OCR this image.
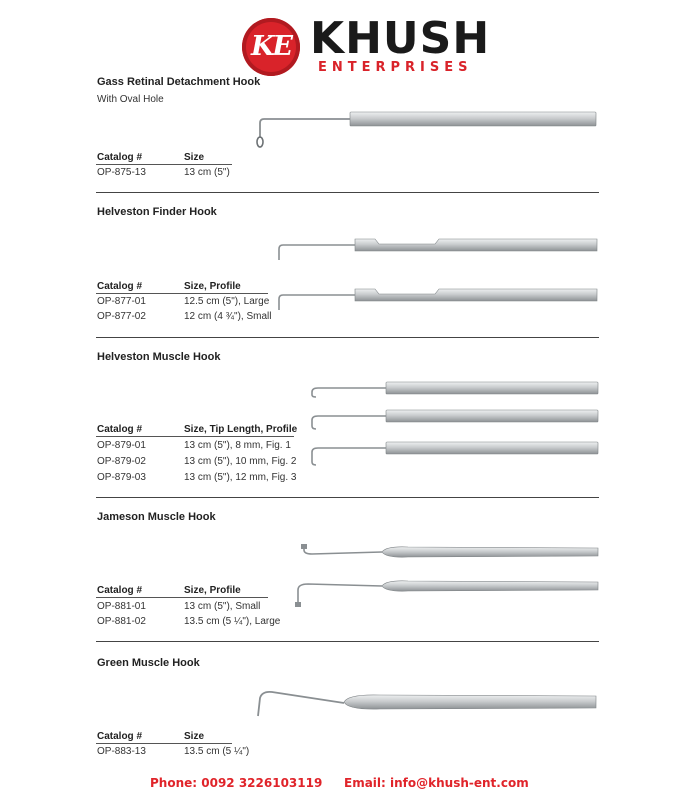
KE KHUSH
ENTERPRISES
Gass Retinal Detachment Hook
With Oval Hole
Catalog #	Size
OP-875-13	13 cm (5")
Helveston Finder Hook
Catalog #	Size, Profile
OP-877-01	12.5 cm (5"), Large
OP-877-02	12 cm (4 ¾"), Small
Helveston Muscle Hook
Catalog #	Size, Tip Length, Profile
OP-879-01	13 cm (5"), 8 mm, Fig. 1
OP-879-02	13 cm (5"), 10 mm, Fig. 2
OP-879-03	13 cm (5"), 12 mm, Fig. 3
Jameson Muscle Hook
Catalog #	Size, Profile
OP-881-01	13 cm (5"), Small
OP-881-02	13.5 cm (5 ¼"), Large
Green Muscle Hook
Catalog #	Size
OP-883-13	13.5 cm (5 ¼")
Phone: 0092 3226103119 Email: info@khush-ent.com
